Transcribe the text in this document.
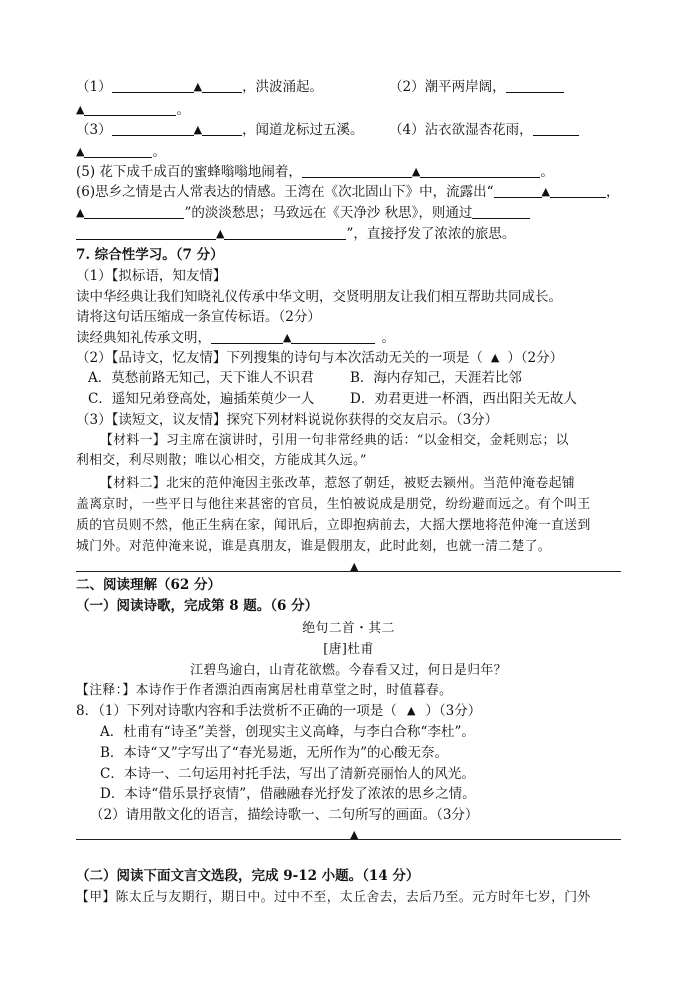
（1）	▲	，洪波涌起。	（2）潮平两岸阔，
▲	。
（3）	▲	，闻道龙标过五溪。 （4）沾衣欲湿杏花雨，
▲	。
(5) 花下成千成百的蜜蜂嗡嗡地闹着，	▲	。
(6)思乡之情是古人常表达的情感。王湾在《次北固山下》中，流露出“	▲	，
▲	”的淡淡愁思；马致远在《天净沙 秋思》，则通过
▲	”，直接抒发了浓浓的旅思。
7. 综合性学习。（7 分）
（1）【拟标语，知友情】
读中华经典让我们知晓礼仪传承中华文明，交贤明朋友让我们相互帮助共同成长。
请将这句话压缩成一条宣传标语。（2分）
读经典知礼传承文明，	▲	。
（2）【品诗文，忆友情】下列搜集的诗句与本次活动无关的一项是（ ▲ ）（2分）
A．莫愁前路无知己，天下谁人不识君	B．海内存知己，天涯若比邻
C．遥知兄弟登高处，遍插茱萸少一人	D．劝君更进一杯酒，西出阳关无故人
（3）【读短文，议友情】探究下列材料说说你获得的交友启示。（3分）
【材料一】习主席在演讲时，引用一句非常经典的话：“以金相交，金耗则忘；以
利相交，利尽则散；唯以心相交，方能成其久远。”
【材料二】北宋的范仲淹因主张改革，惹怒了朝廷，被贬去颍州。当范仲淹卷起铺
盖离京时，一些平日与他往来甚密的官员，生怕被说成是朋党，纷纷避而远之。有个叫王
质的官员则不然，他正生病在家，闻讯后，立即抱病前去，大摇大摆地将范仲淹一直送到
城门外。对范仲淹来说，谁是真朋友，谁是假朋友，此时此刻，也就一清二楚了。
▲
二、阅读理解（62 分）
（一）阅读诗歌，完成第 8 题。（6 分）
绝句二首・其二
[唐]杜甫
江碧鸟逾白，山青花欲燃。今春看又过，何日是归年？
【注释：】本诗作于作者漂泊西南寓居杜甫草堂之时，时值暮春。
8．（1）下列对诗歌内容和手法赏析不正确的一项是（ ▲ ）（3分）
A．杜甫有“诗圣”美誉，创现实主义高峰，与李白合称“李杜”。
B．本诗“又”字写出了“春光易逝，无所作为”的心酸无奈。
C．本诗一、二句运用衬托手法，写出了清新亮丽怡人的风光。
D．本诗“借乐景抒哀情”，借融融春光抒发了浓浓的思乡之情。
（2）请用散文化的语言，描绘诗歌一、二句所写的画面。（3分）
▲
（二）阅读下面文言文选段，完成 9-12 小题。（14 分）
【甲】陈太丘与友期行，期日中。过中不至，太丘舍去，去后乃至。元方时年七岁，门外
